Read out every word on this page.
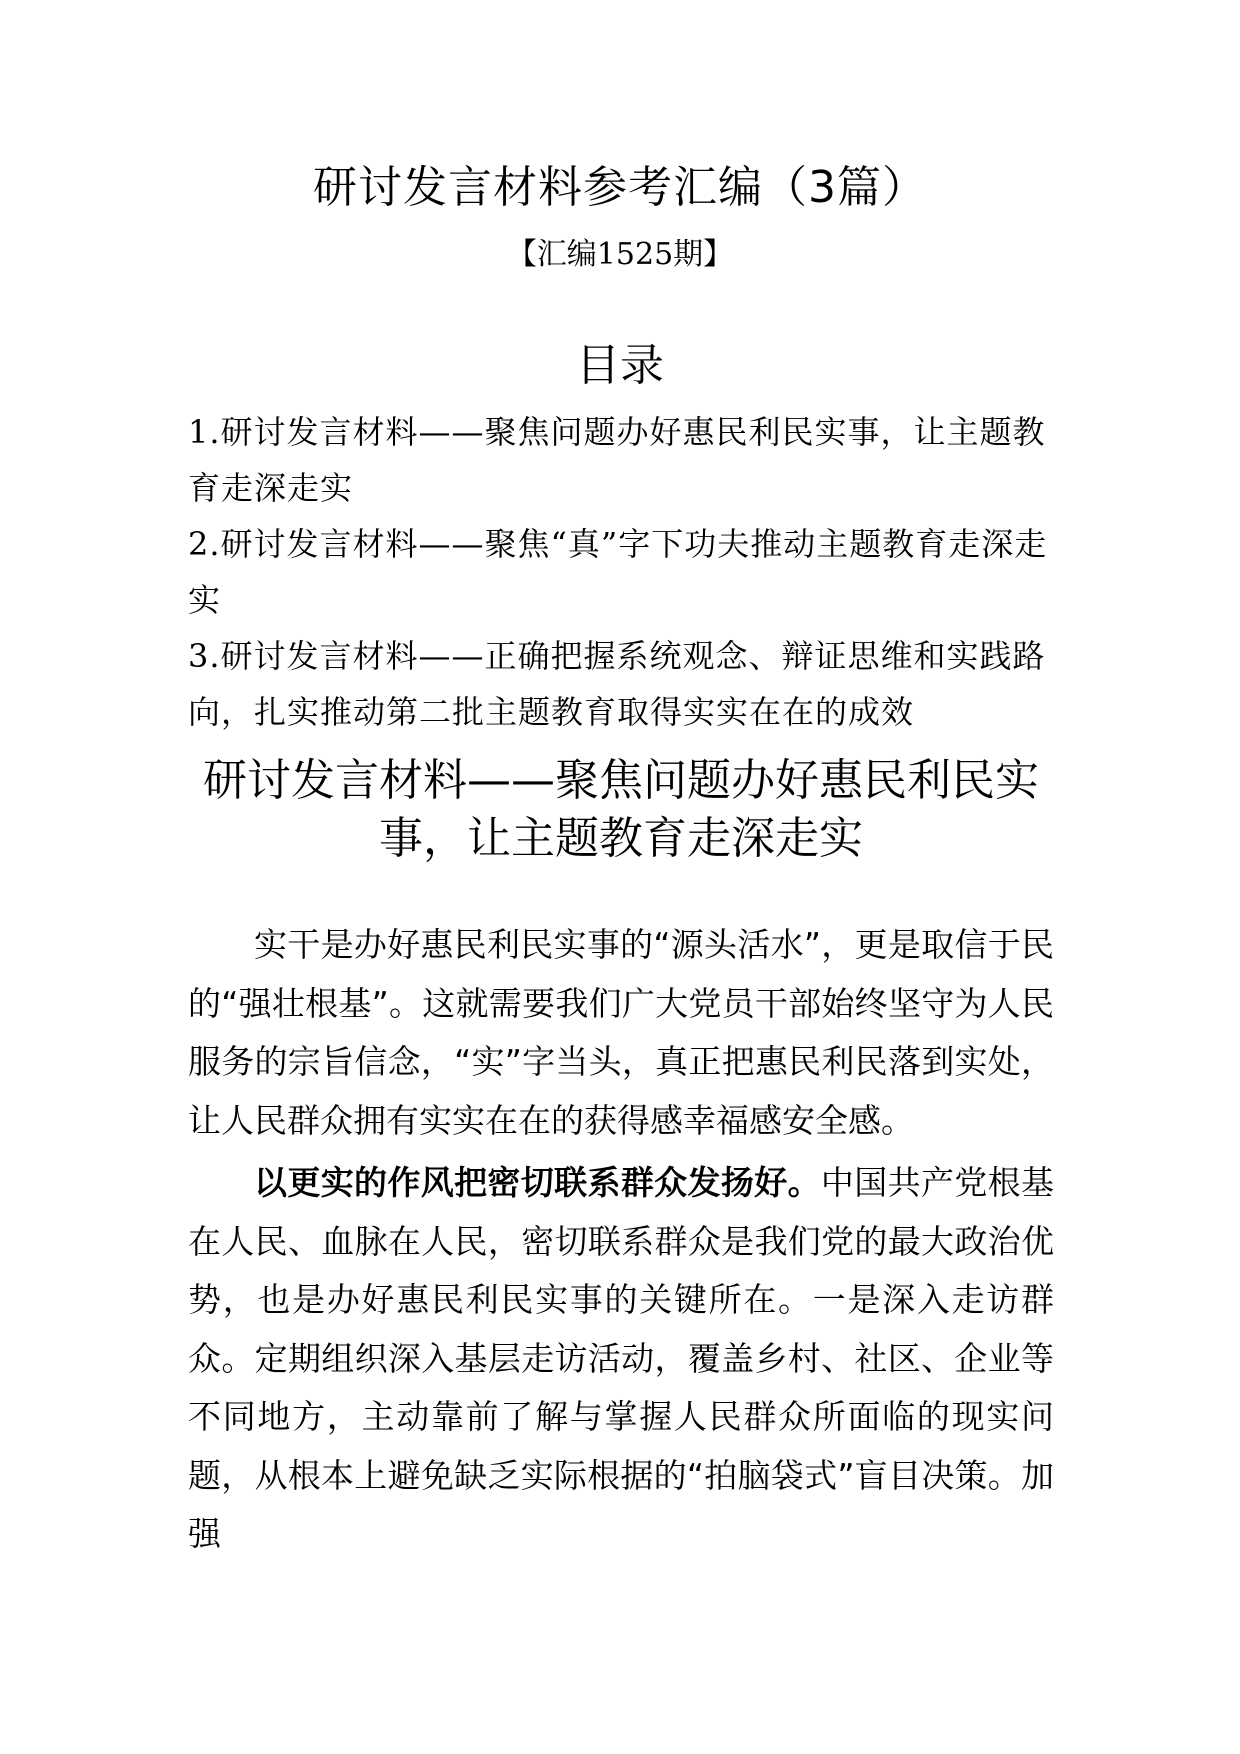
研讨发言材料参考汇编（3篇）
【汇编1525期】
目录
1.研讨发言材料——聚焦问题办好惠民利民实事，让主题教育走深走实
2.研讨发言材料——聚焦“真”字下功夫推动主题教育走深走实
3.研讨发言材料——正确把握系统观念、辩证思维和实践路向，扎实推动第二批主题教育取得实实在在的成效
研讨发言材料——聚焦问题办好惠民利民实事，让主题教育走深走实

实干是办好惠民利民实事的“源头活水”，更是取信于民的“强壮根基”。这就需要我们广大党员干部始终坚守为人民服务的宗旨信念，“实”字当头，真正把惠民利民落到实处，让人民群众拥有实实在在的获得感幸福感安全感。

以更实的作风把密切联系群众发扬好。中国共产党根基在人民、血脉在人民，密切联系群众是我们党的最大政治优势，也是办好惠民利民实事的关键所在。一是深入走访群众。定期组织深入基层走访活动，覆盖乡村、社区、企业等不同地方，主动靠前了解与掌握人民群众所面临的现实问题，从根本上避免缺乏实际根据的“拍脑袋式”盲目决策。加强
